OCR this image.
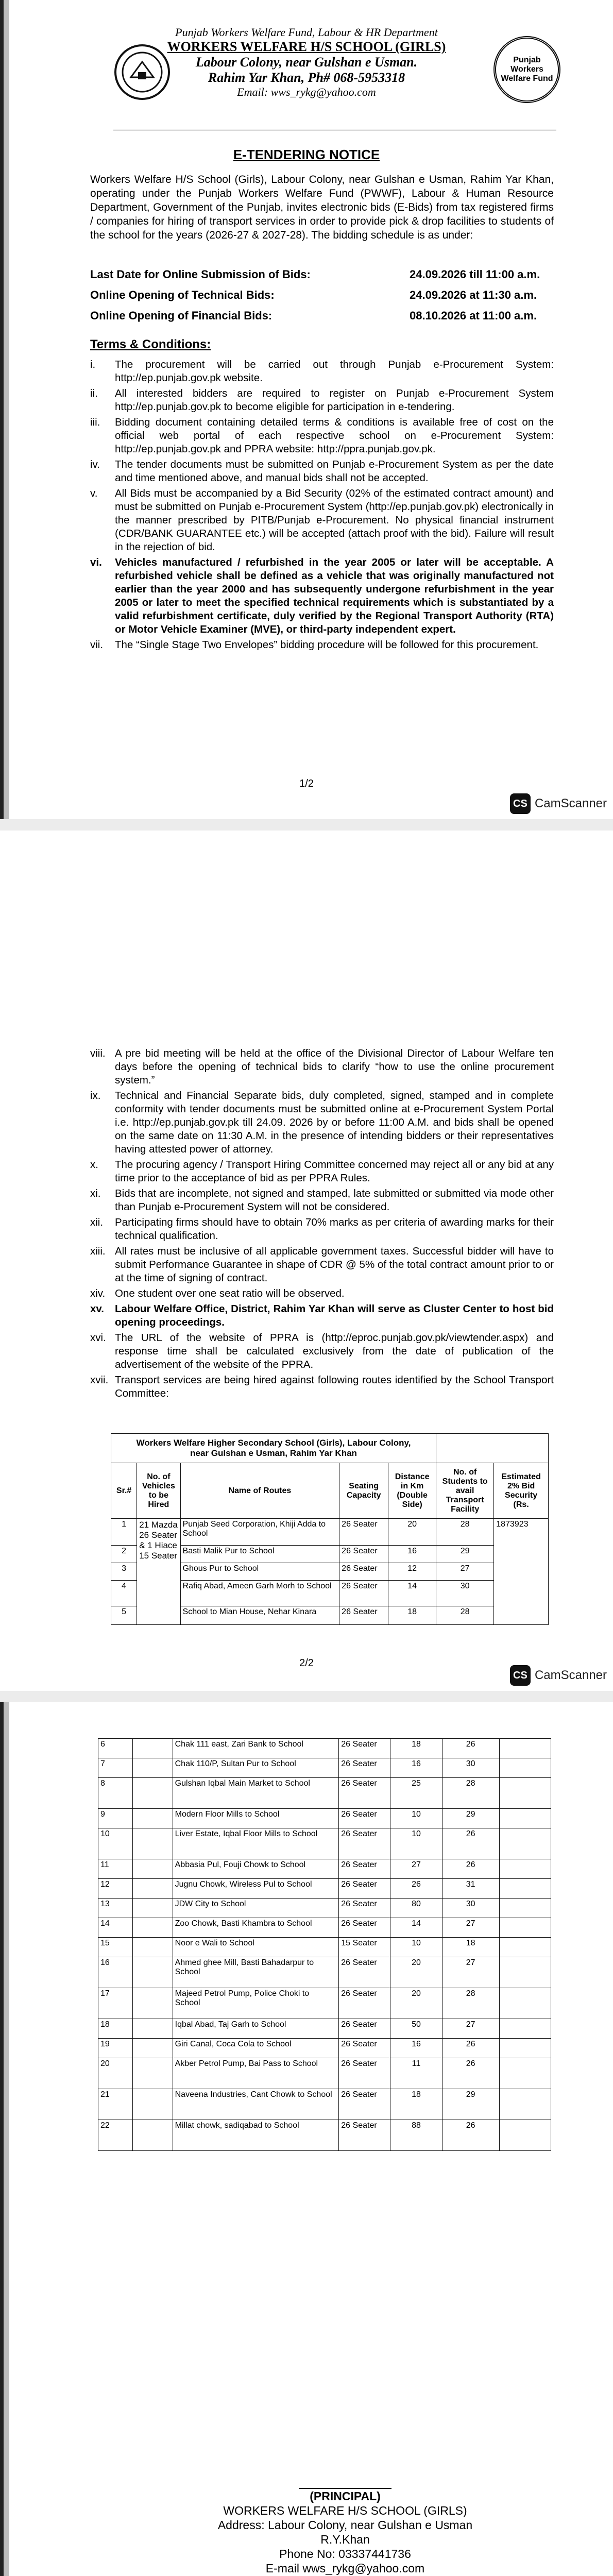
Punjab Workers Welfare Fund
Punjab Workers Welfare Fund, Labour & HR Department
WORKERS WELFARE H/S SCHOOL (GIRLS)
Labour Colony, near Gulshan e Usman.
Rahim Yar Khan, Ph# 068-5953318
Email: wws_rykg@yahoo.com
E-TENDERING NOTICE
Workers Welfare H/S School (Girls), Labour Colony, near Gulshan e Usman, Rahim Yar Khan, operating under the Punjab Workers Welfare Fund (PWWF), Labour & Human Resource Department, Government of the Punjab, invites electronic bids (E-Bids) from tax registered firms / companies for hiring of transport services in order to provide pick & drop facilities to students of the school for the years (2026-27 & 2027-28). The bidding schedule is as under:
Last Date for Online Submission of Bids:	24.09.2026 till 11:00 a.m.
Online Opening of Technical Bids:	24.09.2026 at 11:30 a.m.
Online Opening of Financial Bids:	08.10.2026 at 11:00 a.m.
Terms & Conditions:
i.	The procurement will be carried out through Punjab e-Procurement System: http://ep.punjab.gov.pk website.
ii.	All interested bidders are required to register on Punjab e-Procurement System http://ep.punjab.gov.pk to become eligible for participation in e-tendering.
iii.	Bidding document containing detailed terms & conditions is available free of cost on the official web portal of each respective school on e-Procurement System: http://ep.punjab.gov.pk and PPRA website: http://ppra.punjab.gov.pk.
iv.	The tender documents must be submitted on Punjab e-Procurement System as per the date and time mentioned above, and manual bids shall not be accepted.
v.	All Bids must be accompanied by a Bid Security (02% of the estimated contract amount) and must be submitted on Punjab e-Procurement System (http://ep.punjab.gov.pk) electronically in the manner prescribed by PITB/Punjab e-Procurement. No physical financial instrument (CDR/BANK GUARANTEE etc.) will be accepted (attach proof with the bid). Failure will result in the rejection of bid.
vi.	Vehicles manufactured / refurbished in the year 2005 or later will be acceptable. A refurbished vehicle shall be defined as a vehicle that was originally manufactured not earlier than the year 2000 and has subsequently undergone refurbishment in the year 2005 or later to meet the specified technical requirements which is substantiated by a valid refurbishment certificate, duly verified by the Regional Transport Authority (RTA) or Motor Vehicle Examiner (MVE), or third-party independent expert.
vii.	The “Single Stage Two Envelopes” bidding procedure will be followed for this procurement.
1/2
CS CamScanner
viii. A pre bid meeting will be held at the office of the Divisional Director of Labour Welfare ten days before the opening of technical bids to clarify “how to use the online procurement system.”
ix.	Technical and Financial Separate bids, duly completed, signed, stamped and in complete conformity with tender documents must be submitted online at e-Procurement System Portal i.e. http://ep.punjab.gov.pk till 24.09. 2026 by or before 11:00 A.M. and bids shall be opened on the same date on 11:30 A.M. in the presence of intending bidders or their representatives having attested power of attorney.
x.	The procuring agency / Transport Hiring Committee concerned may reject all or any bid at any time prior to the acceptance of bid as per PPRA Rules.
xi.	Bids that are incomplete, not signed and stamped, late submitted or submitted via mode other than Punjab e-Procurement System will not be considered.
xii.	Participating firms should have to obtain 70% marks as per criteria of awarding marks for their technical qualification.
xiii. All rates must be inclusive of all applicable government taxes. Successful bidder will have to submit Performance Guarantee in shape of CDR @ 5% of the total contract amount prior to or at the time of signing of contract.
xiv. One student over one seat ratio will be observed.
xv.	Labour Welfare Office, District, Rahim Yar Khan will serve as Cluster Center to host bid opening proceedings.
xvi. The URL of the website of PPRA is (http://eproc.punjab.gov.pk/viewtender.aspx) and response time shall be calculated exclusively from the date of publication of the advertisement of the website of the PPRA.
xvii. Transport services are being hired against following routes identified by the School Transport Committee:
Workers Welfare Higher Secondary School (Girls), Labour Colony, near Gulshan e Usman, Rahim Yar Khan						
Sr.#	No. of Vehicles to be Hired	Name of Routes	Seating Capacity	Distance in Km (Double Side)	No. of Students to avail Transport Facility	Estimated 2% Bid Security (Rs.
1	21 Mazda 26 Seater & 1 Hiace 15 Seater	Punjab Seed Corporation, Khiji Adda to School	26 Seater	20	28	1873923
2		Basti Malik Pur to School	26 Seater	16	29	
3		Ghous Pur to School	26 Seater	12	27	
4		Rafiq Abad, Ameen Garh Morh to School	26 Seater	14	30	
5		School to Mian House, Nehar Kinara	26 Seater	18	28	
2/2
CS CamScanner
6		Chak 111 east, Zari Bank to School	26 Seater	18	26	
7		Chak 110/P, Sultan Pur to School	26 Seater	16	30	
8		Gulshan Iqbal Main Market to School	26 Seater	25	28	
9		Modern Floor Mills to School	26 Seater	10	29	
10		Liver Estate, Iqbal Floor Mills to School	26 Seater	10	26	
11		Abbasia Pul, Fouji Chowk to School	26 Seater	27	26	
12		Jugnu Chowk, Wireless Pul to School	26 Seater	26	31	
13		JDW City to School	26 Seater	80	30	
14		Zoo Chowk, Basti Khambra to School	26 Seater	14	27	
15		Noor e Wali to School	15 Seater	10	18	
16		Ahmed ghee Mill, Basti Bahadarpur to School	26 Seater	20	27	
17		Majeed Petrol Pump, Police Choki to School	26 Seater	20	28	
18		Iqbal Abad, Taj Garh to School	26 Seater	50	27	
19		Giri Canal, Coca Cola to School	26 Seater	16	26	
20		Akber Petrol Pump, Bai Pass to School	26 Seater	11	26	
21		Naveena Industries, Cant Chowk to School	26 Seater	18	29	
22		Millat chowk, sadiqabad to School	26 Seater	88	26	
(PRINCIPAL)
WORKERS WELFARE H/S SCHOOL (GIRLS)
Address: Labour Colony, near Gulshan e Usman R.Y.Khan
Phone No: 03337441736
E-mail wws_rykg@yahoo.com
